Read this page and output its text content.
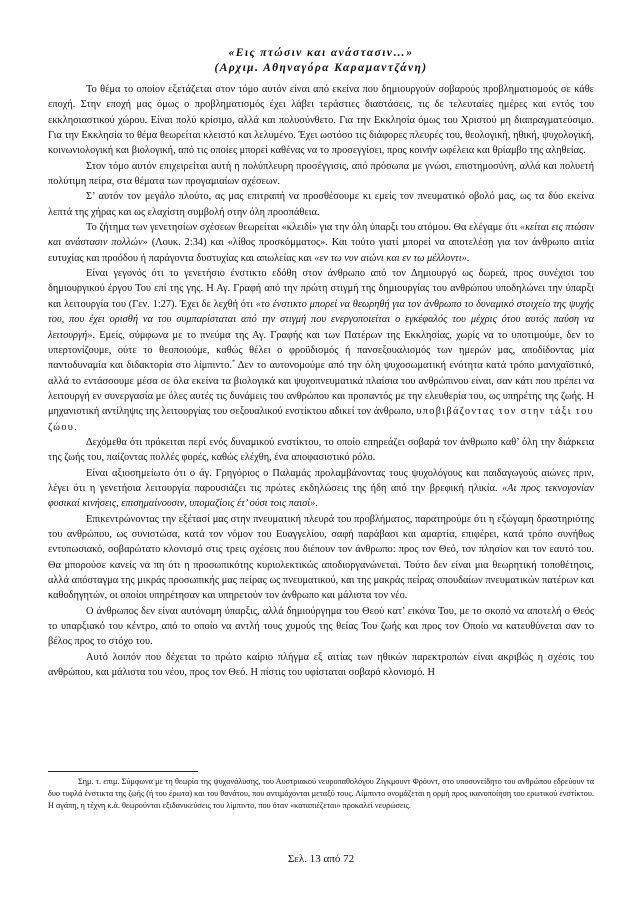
«Εις πτώσιν και ανάστασιν…»
(Αρχιμ. Αθηναγόρα Καραμαντζάνη)

Το θέμα το οποίον εξετάζεται στον τόμο αυτόν είναι από εκείνα που δημιουργούν σοβαρούς προβληματισμούς σε κάθε εποχή. Στην εποχή μας όμως ο προβληματισμός έχει λάβει τεράστιες διαστάσεις, τις δε τελευταίες ημέρες και εντός του εκκλησιαστικού χώρου. Είναι πολύ κρίσιμο, αλλά και πολυσύνθετο. Για την Εκκλησία όμως του Χριστού μη διαπραγματεύσιμο. Για την Εκκλησία το θέμα θεωρείται κλειστό και λελυμένο. Έχει ωστόσο τις διάφορες πλευρές του, θεολογική, ηθική, ψυχολογική, κοινωνιολογική και βιολογική, από τις οποίες μπορεί καθένας να το προσεγγίσει, προς κοινήν ωφέλεια και θρίαμβο της αληθείας.

Στον τόμο αυτόν επιχειρείται αυτή η πολύπλευρη προσέγγισις, από πρόσωπα με γνώσι, επιστημοσύνη, αλλά και πολυετή πολύτιμη πείρα, στα θέματα των προγαμιαίων σχέσεων.

Σ’ αυτόν τον μεγάλο πλούτο, ας μας επιτραπή να προσθέσουμε κι εμείς τον πνευματικό οβολό μας, ως τα δύο εκείνα λεπτά της χήρας και ως ελαχίστη συμβολή στην όλη προσπάθεια.

Το ζήτημα των γενετησίων σχέσεων θεωρείται «κλειδί» για την όλη ύπαρξι του ατόμου. Θα ελέγαμε ότι «κείται εις πτώσιν και ανάστασιν πολλών» (Λουκ. 2:34) και «λίθος προσκόμματος». Και τούτο γιατί μπορεί να αποτελέσῃ για τον άνθρωπο αιτία ευτυχίας και προόδου ή παράγοντα δυστυχίας και απωλείας και «εν τω νυν αιώνι και εν τω μέλλοντι».

Είναι γεγονός ότι το γενετήσιο ένστικτο εδόθη στον άνθρωπο από τον Δημιουργό ως δωρεά, προς συνέχισι του δημιουργικού έργου Του επί της γης. Η Αγ. Γραφή από την πρώτη στιγμή της δημιουργίας του ανθρώπου υποδηλώνει την ύπαρξι και λειτουργία του (Γεν. 1:27). Έχει δε λεχθή ότι «το ένστικτο μπορεί να θεωρηθή για τον άνθρωπο το δυναμικό στοιχείο της ψυχής του, που έχει ορισθή να του συμπαρίσταται από την στιγμή που ενεργοποιείται ο εγκέφαλός του μέχρις ότου αυτός παύση να λειτουργή». Εμείς, σύμφωνα με το πνεύμα της Αγ. Γραφής και των Πατέρων της Εκκλησίας, χωρίς να το υποτιμούμε, δεν το υπερτονίζουμε, ούτε το θεοποιούμε, καθώς θέλει ο φροϋδισμός ή πανσεξουαλισμός των ημερών μας, αποδίδοντας μία παντοδυναμία και διδακτορία στο λίμπιντο.* Δεν το αυτονομούμε από την όλη ψυχοσωματική ενότητα κατά τρόπο μανιχαϊστικό, αλλά το εντάσσουμε μέσα σε όλα εκείνα τα βιολογικά και ψυχοπνευματικά πλαίσια του ανθρώπινου είναι, σαν κάτι που πρέπει να λειτουργή εν συνεργασία με όλες αυτές τις δυνάμεις του ανθρώπου και προπαντός με την ελευθερία του, ως υπηρέτης της ζωής. Η μηχανιστική αντίληψις της λειτουργίας του σεξουαλικού ενστίκτου αδικεί τον άνθρωπο, υποβιβάζοντας τον στην τάξι του ζώου.

Δεχόμεθα ότι πρόκειται περί ενός δυναμικού ενστίκτου, το οποίο επηρεάζει σοβαρά τον άνθρωπο καθ’ όλη την διάρκεια της ζωής του, παίζοντας πολλές φορές, καθώς ελέχθη, ένα αποφασιστικό ρόλο.

Είναι αξιοσημείωτο ότι ο άγ. Γρηγόριος ο Παλαμάς προλαμβάνοντας τους ψυχολόγους και παιδαγωγούς αιώνες πριν, λέγει ότι η γενετήσια λειτουργία παρουσιάζει τις πρώτες εκδηλώσεις της ήδη από την βρεφική ηλικία. «Αι προς τεκνογονίαν φυσικαί κινήσεις, επισημαίνουσιν, υπομαζίοις έτ’ ούσι τοις παισί».

Επικεντρώνοντας την εξέτασί μας στην πνευματική πλευρά του προβλήματος, παρατηρούμε ότι η εξώγαμη δραστηριότης του ανθρώπου, ως συνιστώσα, κατά τον νόμον του Ευαγγελίου, σαφή παράβασι και αμαρτία, επιφέρει, κατά τρόπο συνήθως εντυπωσιακό, σοβαρώτατο κλονισμό στις τρεις σχέσεις που διέπουν τον άνθρωπο: προς τον Θεό, τον πλησίον και τον εαυτό του. Θα μπορούσε κανείς να πη ότι η προσωπικότης κυριολεκτικώς αποδιοργανώνεται. Τούτο δεν είναι μια θεωρητική τοποθέτησις, αλλά απόσταγμα της μικράς προσωπικής μας πείρας ως πνευματικού, και της μακράς πείρας σπουδαίων πνευματικών πατέρων και καθοδηγητών, οι οποίοι υπηρέτησαν και υπηρετούν τον άνθρωπο και μάλιστα τον νέο.

Ο άνθρωπος δεν είναι αυτόνομη ύπαρξις, αλλά δημιούργημα του Θεού κατ’ εικόνα Του, με το σκοπό να αποτελή ο Θεός το υπαρξιακό του κέντρο, από το οποίο να αντλή τους χυμούς της θείας Του ζωής και προς τον Οποίο να κατευθύνεται σαν το βέλος προς το στόχο του.

Αυτό λοιπόν που δέχεται το πρώτο καίριο πλήγμα εξ αιτίας των ηθικών παρεκτροπών είναι ακριβώς η σχέσις του ανθρώπου, και μάλιστα του νέου, προς τον Θεό. Η πίστις του υφίσταται σοβαρό κλονισμό. Η

Σημ. τ. επιμ. Σύμφωνα με τη θεωρία της ψυχανάλυσης, του Αυστριακού νευροπαθολόγου Ζίγκμουντ Φρόυντ, στο υποσυνείδητο του ανθρώπου εδρεύουν τα δυο τυφλά ένστικτα της ζωής (ή του έρωτα) και του θανάτου, που αντιμάχονται μεταξύ τους. Λίμπιντο ονομάζεται η ορμή προς ικανοποίηση του ερωτικού ενστίκτου. Η αγάπη, η τέχνη κ.ά. θεωρούνται εξιδανικεύσεις του λίμπιντο, που όταν «καταπιέζεται» προκαλεί νευρώσεις.

Σελ. 13 από 72
